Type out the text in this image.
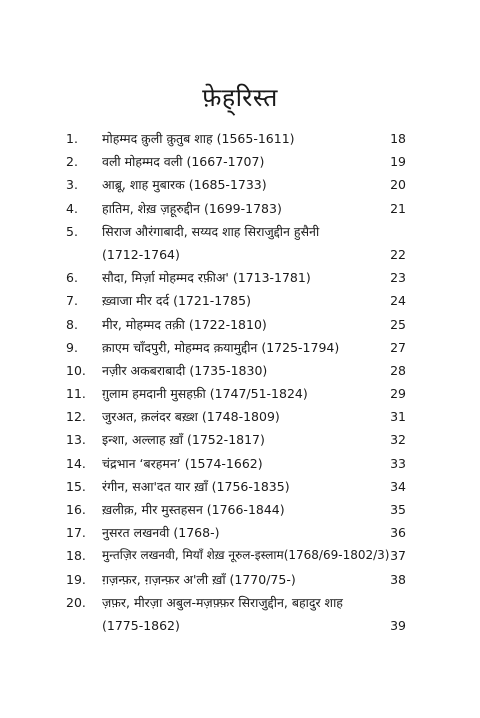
फ़ेह्‌रिस्त
1. मोहम्मद क़ुली क़ुतुब शाह (1565-1611)	18
2. वली मोहम्मद वली (1667-1707)	19
3. आब्रू, शाह मुबारक (1685-1733)	20
4. हातिम, शेख़ ज़हूरुद्दीन (1699-1783)	21
5. सिराज औरंगाबादी, सय्यद शाह सिराजुद्दीन हुसैनी
(1712-1764)	22
6. सौदा, मिर्ज़ा मोहम्मद रफ़ीअ' (1713-1781)	23
7. ख़्वाजा मीर दर्द (1721-1785)	24
8. मीर, मोहम्मद तक़ी (1722-1810)	25
9. क़ाएम चाँदपुरी, मोहम्मद क़यामुद्दीन (1725-1794)	27
10. नज़ीर अकबराबादी (1735-1830)	28
11. ग़ुलाम हमदानी मुसहफ़ी (1747/51-1824)	29
12. जुरअत, क़लंदर बख़्श (1748-1809)	31
13. इन्शा, अल्लाह ख़ाँ (1752-1817)	32
14. चंद्रभान ‘बरहमन’ (1574-1662)	33
15. रंगीन, सआ'दत यार ख़ाँ (1756-1835)	34
16. ख़लीक़, मीर मुस्तहसन (1766-1844)	35
17. नुसरत लखनवी (1768-)	36
18. मुन्तज़िर लखनवी, मियाँ शेख़ नूरुल-इस्लाम(1768/69-1802/3) 37
19. ग़ज़न्फ़र, ग़ज़न्फ़र अ'ली ख़ाँ (1770/75-)	38
20. ज़फ़र, मीरज़ा अबुल-मज़फ़्फ़र सिराजुद्दीन, बहादुर शाह
(1775-1862)	39
